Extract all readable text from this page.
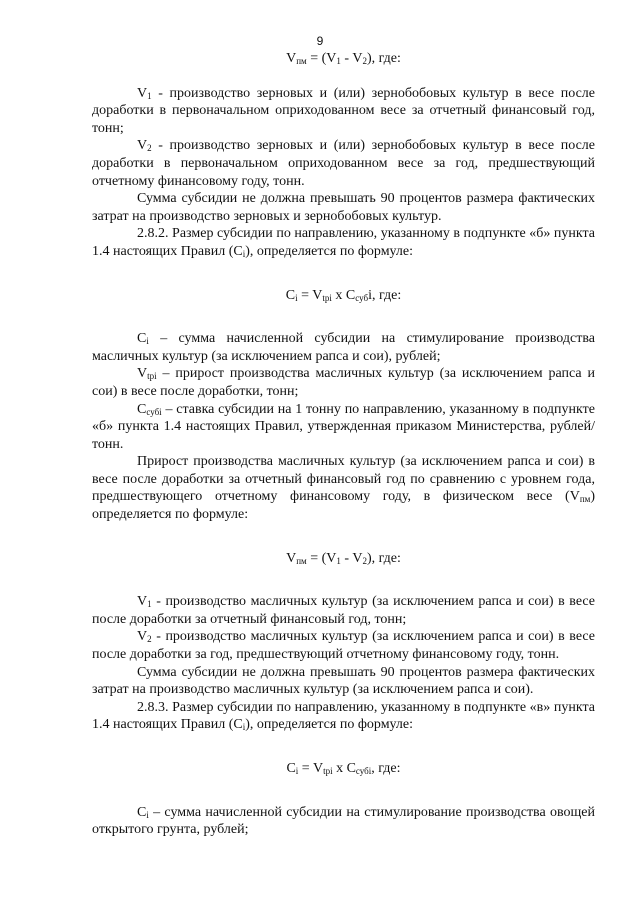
9

$V_{пм} = (V_1 - V_2)$, где:

$V_1$ - производство зерновых и (или) зернобобовых культур в весе после доработки в первоначальном оприходованном весе за отчетный финансовый год, тонн;

$V_2$ - производство зерновых и (или) зернобобовых культур в весе после доработки в первоначальном оприходованном весе за год, предшествующий отчетному финансовому году, тонн.

Сумма субсидии не должна превышать 90 процентов размера фактических затрат на производство зерновых и зернобобовых культур.

2.8.2. Размер субсидии по направлению, указанному в подпункте «б» пункта 1.4 настоящих Правил $(C_i)$, определяется по формуле:

$C_i = V_{tpi}$ x $C_{суб}i$, где:

$C_i$ – сумма начисленной субсидии на стимулирование производства масличных культур (за исключением рапса и сои), рублей;

$V_{tpi}$ – прирост производства масличных культур (за исключением рапса и сои) в весе после доработки, тонн;

$C_{субi}$ – ставка субсидии на 1 тонну по направлению, указанному в подпункте «б» пункта 1.4 настоящих Правил, утвержденная приказом Министерства, рублей/тонн.

Прирост производства масличных культур (за исключением рапса и сои) в весе после доработки за отчетный финансовый год по сравнению с уровнем года, предшествующего отчетному финансовому году, в физическом весе $(V_{пм})$ определяется по формуле:

$V_{пм} = (V_1 - V_2)$, где:

$V_1$ - производство масличных культур (за исключением рапса и сои) в весе после доработки за отчетный финансовый год, тонн;

$V_2$ - производство масличных культур (за исключением рапса и сои) в весе после доработки за год, предшествующий отчетному финансовому году, тонн.

Сумма субсидии не должна превышать 90 процентов размера фактических затрат на производство масличных культур (за исключением рапса и сои).

2.8.3. Размер субсидии по направлению, указанному в подпункте «в» пункта 1.4 настоящих Правил $(C_i)$, определяется по формуле:

$C_i = V_{tpi}$ x $C_{субi}$, где:

$C_i$ – сумма начисленной субсидии на стимулирование производства овощей открытого грунта, рублей;
